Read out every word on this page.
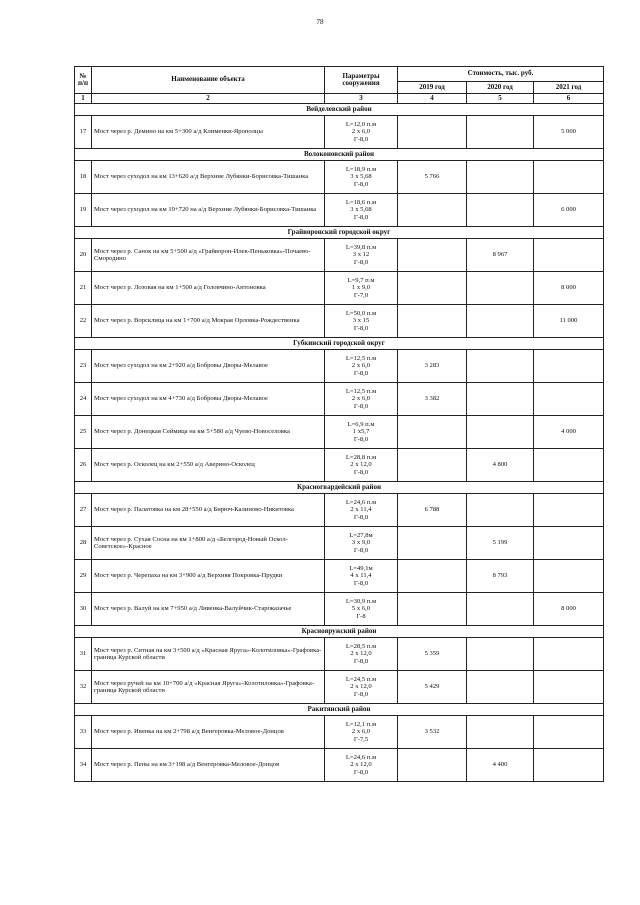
78
№
п/п	Наименование объекта	Параметры сооружения	Стоимость, тыс. руб.		
			2019 год	2020 год	2021 год
1	2	3	4	5	6
Вейделевский район					
17	Мост через р. Демино на км 5+300 а/д Клименки-Ярополцы	L=12,0 п.м
2 х 6,0
Г-8,0			5 000
Волоконовский район					
18	Мост через суходол на км 13+620 а/д Верхние Лубянки-Борисовка-Тишанка	L=18,9 п.м
3 х 5,68
Г-8,0	5 766		
19	Мост через суходол на км 19+720 на а/д Верхние Лубянки-Борисовка-Тишанка	L=18,6 п.м
3 х 5,68
Г-8,0			6 000
Грайворонский городской округ					
20	Мост через р. Санок на км 5+500 а/д «Грайворон-Илек-Пеньковка»-Почаево-Смородино	L=39,8 п.м
3 х 12
Г-8,0		8 967	
21	Мост через р. Лозовая на км 1+500 а/д Головчино-Антоновка	L=9,7 п.м
1 х 9,0
Г-7,0			8 000
22	Мост через р. Ворсклица на км 1+700 а/д Мокрая Орловка-Рождественка	L=50,0 п.м
3 х 15
Г-8,0			11 000
Губкинский городской округ					
23	Мост через суходол на км 2+920 а/д Бобровы Дворы-Мелавое	L=12,5 п.м
2 х 6,0
Г-8,0	3 283		
24	Мост через суходол на км 4+730 а/д Бобровы Дворы-Мелавое	L=12,5 п.м
2 х 6,0
Г-8,0	3 382		
25	Мост через р. Донецкая Сеймица на км 5+580 а/д Чуево-Новоселовка	L=6,9 п.м
1 х5,7
Г-8,0			4 000
26	Мост через р. Осколец на км 2+550 а/д Аверино-Осколец	L=28,8 п.м
2 х 12,0
Г-8,0		4 800	
Красногвардейский район					
27	Мост через р. Палатовка на км 28+550 а/д Бирюч-Калиново-Никитовка	L=24,6 п.м
2 х 11,4
Г-8,0	6 788		
28	Мост через р. Сухая Сосна на км 1+800 а/д «Белгород-Новый Оскол-Советское»-Красное	L=27,8м
3 х 9,0
Г-8,0		5 199	
29	Мост через р. Черепаха на км 3+900 а/д Верхняя Покровка-Прудки	L=49,1м
4 х 11,4
Г-8,0		8 793	
30	Мост через р. Валуй на км 7+950 а/д Ливенка-Валуйчик-Староказачье	L=30,9 п.м
5 х 6,0
Г-8			8 000
Краснояружский район					
31	Мост через р. Ситная на км 3+500 а/д «Красная Яруга»-Колотиловка»-Графовка-граница Курской области	L=28,5 п.м
2 х 12,0
Г-8,0	5 359		
32	Мост через ручей на км 10+700 а/д «Красная Яруга»-Колотиловка»-Графовка-граница Курской области	L=24,5 п.м
2 х 12,0
Г-8,0	5 429		
Ракитянский район					
33	Мост через р. Ивенка на км 2+798 а/д Венгеровка-Меловое-Донцов	L=12,1 п.м
2 х 6,0
Г-7,5	3 532		
34	Мост через р. Пены на км 3+198 а/д Венгеровка-Меловое-Донцов	L=24,6 п.м
2 х 12,0
Г-8,0		4 400	
